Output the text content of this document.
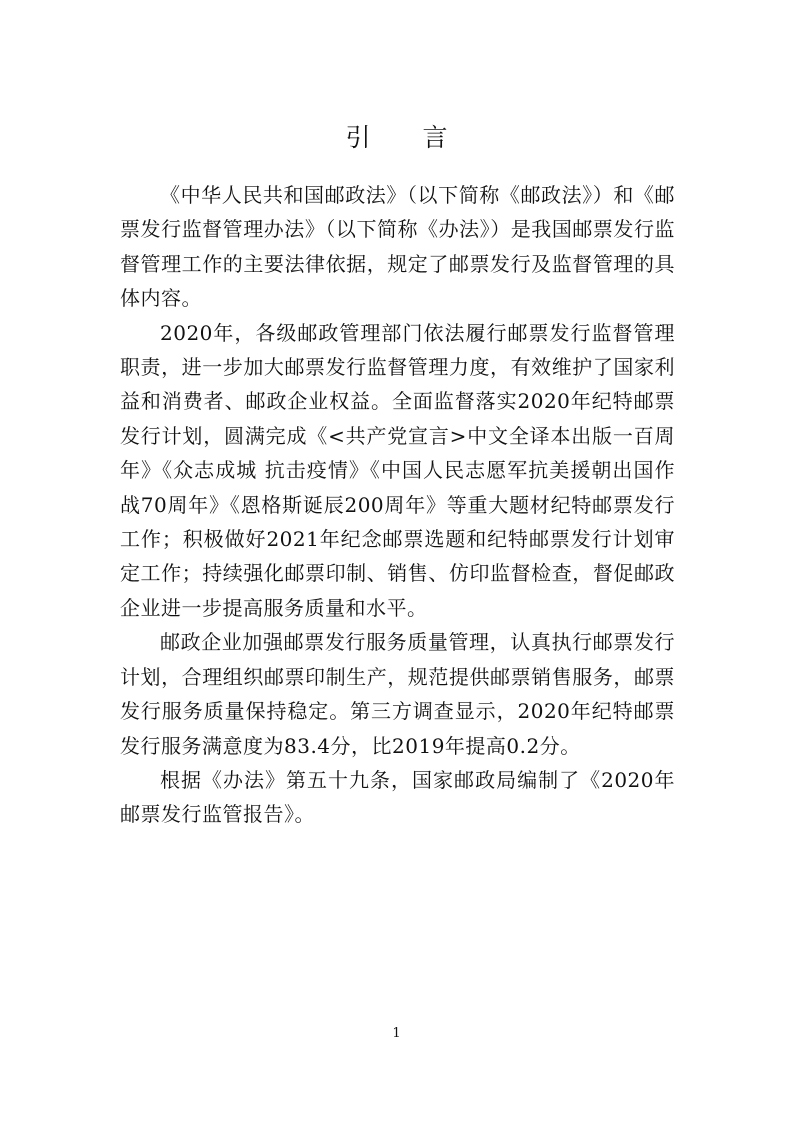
引 言

《中华人民共和国邮政法》（以下简称《邮政法》）和《邮票发行监督管理办法》（以下简称《办法》）是我国邮票发行监督管理工作的主要法律依据，规定了邮票发行及监督管理的具体内容。

2020年，各级邮政管理部门依法履行邮票发行监督管理职责，进一步加大邮票发行监督管理力度，有效维护了国家利益和消费者、邮政企业权益。全面监督落实2020年纪特邮票发行计划，圆满完成《<共产党宣言>中文全译本出版一百周年》《众志成城 抗击疫情》《中国人民志愿军抗美援朝出国作战70周年》《恩格斯诞辰200周年》等重大题材纪特邮票发行工作；积极做好2021年纪念邮票选题和纪特邮票发行计划审定工作；持续强化邮票印制、销售、仿印监督检查，督促邮政企业进一步提高服务质量和水平。

邮政企业加强邮票发行服务质量管理，认真执行邮票发行计划，合理组织邮票印制生产，规范提供邮票销售服务，邮票发行服务质量保持稳定。第三方调查显示，2020年纪特邮票发行服务满意度为83.4分，比2019年提高0.2分。

根据《办法》第五十九条，国家邮政局编制了《2020年邮票发行监管报告》。

1
